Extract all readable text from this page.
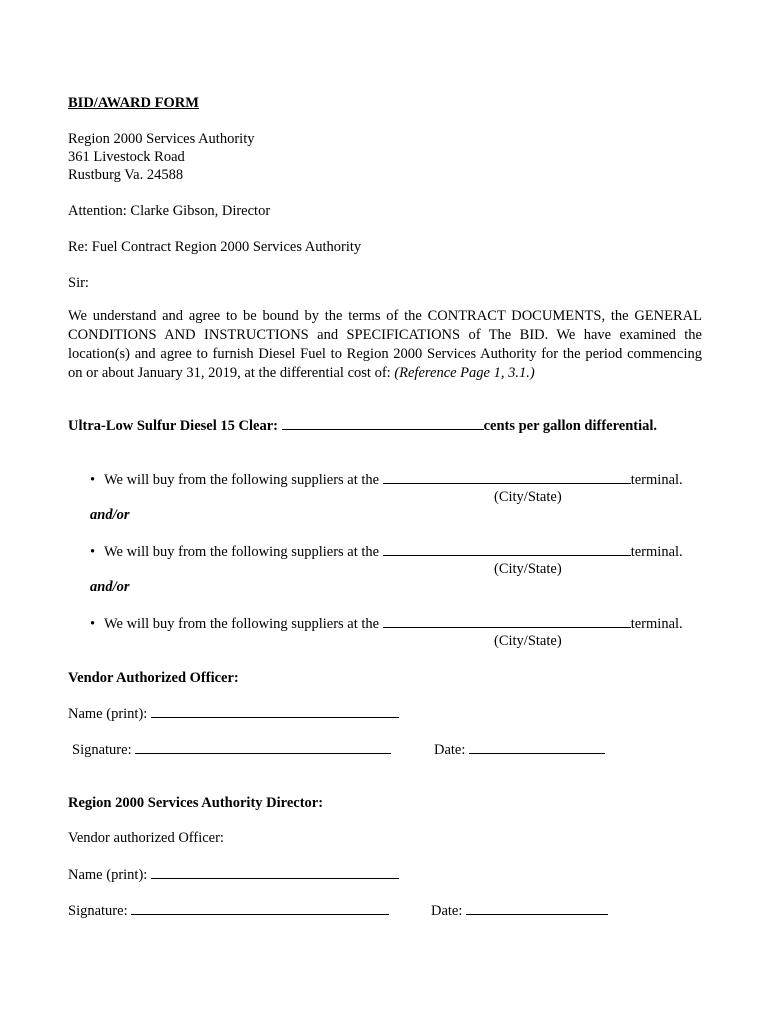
BID/AWARD FORM
Region 2000 Services Authority
361 Livestock Road
Rustburg Va. 24588
Attention: Clarke Gibson, Director
Re: Fuel Contract Region 2000 Services Authority
Sir:
We understand and agree to be bound by the terms of the CONTRACT DOCUMENTS, the GENERAL CONDITIONS AND INSTRUCTIONS and SPECIFICATIONS of The BID. We have examined the location(s) and agree to furnish Diesel Fuel to Region 2000 Services Authority for the period commencing on or about January 31, 2019, at the differential cost of: (Reference Page 1, 3.1.)
Ultra-Low Sulfur Diesel 15 Clear:	cents per gallon differential.
• We will buy from the following suppliers at the	terminal.
(City/State)
and/or
• We will buy from the following suppliers at the	terminal.
(City/State)
and/or
• We will buy from the following suppliers at the	terminal.
(City/State)
Vendor Authorized Officer:
Name (print):
Signature:	Date:
Region 2000 Services Authority Director:
Vendor authorized Officer:
Name (print):
Signature:	Date:
